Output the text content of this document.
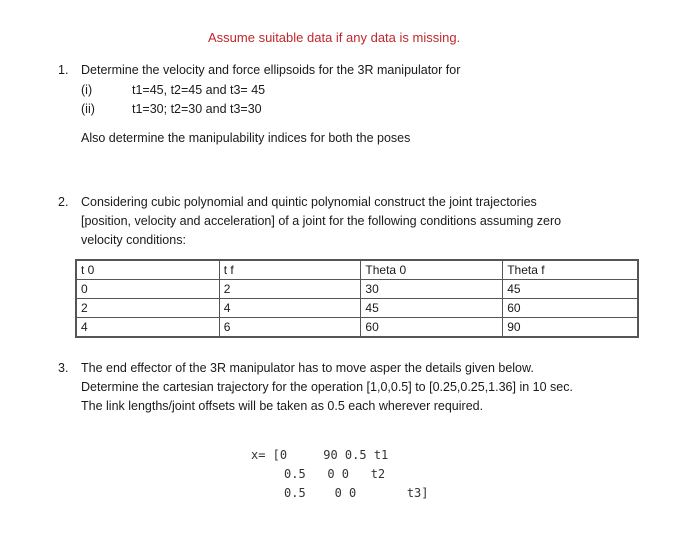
Assume suitable data if any data is missing.
1. Determine the velocity and force ellipsoids for the 3R manipulator for
(i)	t1=45, t2=45 and t3= 45
(ii)	t1=30; t2=30 and t3=30
Also determine the manipulability indices for both the poses
2. Considering cubic polynomial and quintic polynomial construct the joint trajectories
[position, velocity and acceleration] of a joint for the following conditions assuming zero
velocity conditions:
t 0	t f	Theta 0	Theta f
0	2	30	45
2	4	45	60
4	6	60	90
3. The end effector of the 3R manipulator has to move asper the details given below.
Determine the cartesian trajectory for the operation [1,0,0.5] to [0.25,0.25,1.36] in 10 sec.
The link lengths/joint offsets will be taken as 0.5 each wherever required.
x= [0     90 0.5 t1
0.5   0 0   t2
0.5    0 0       t3]
